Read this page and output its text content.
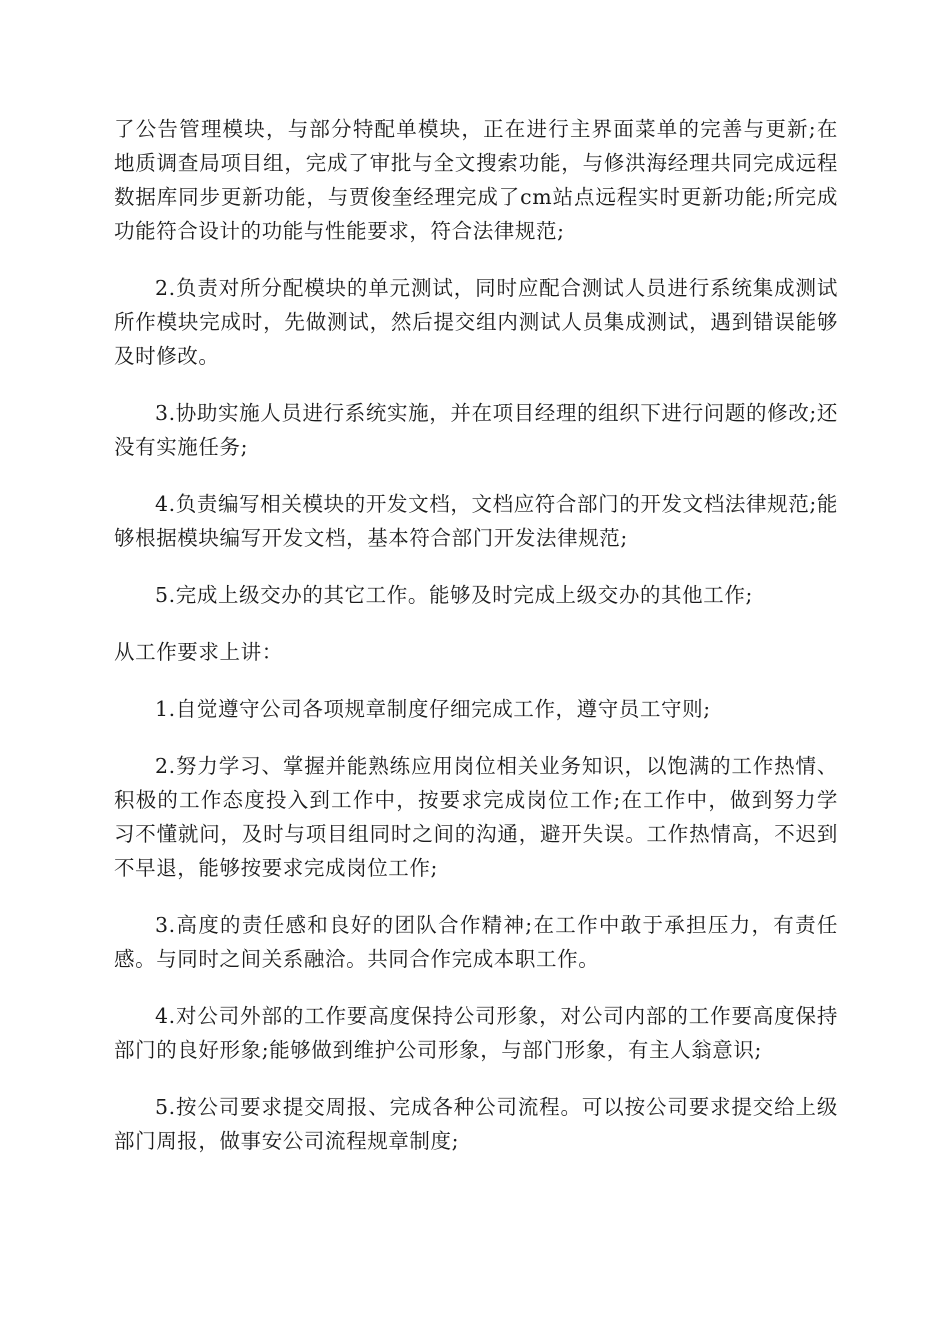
了公告管理模块，与部分特配单模块，正在进行主界面菜单的完善与更新;在地质调查局项目组，完成了审批与全文搜索功能，与修洪海经理共同完成远程数据库同步更新功能，与贾俊奎经理完成了cm站点远程实时更新功能;所完成功能符合设计的功能与性能要求，符合法律规范;

2.负责对所分配模块的单元测试，同时应配合测试人员进行系统集成测试所作模块完成时，先做测试，然后提交组内测试人员集成测试，遇到错误能够及时修改。

3.协助实施人员进行系统实施，并在项目经理的组织下进行问题的修改;还没有实施任务;

4.负责编写相关模块的开发文档，文档应符合部门的开发文档法律规范;能够根据模块编写开发文档，基本符合部门开发法律规范;

5.完成上级交办的其它工作。能够及时完成上级交办的其他工作;

从工作要求上讲：

1.自觉遵守公司各项规章制度仔细完成工作，遵守员工守则;

2.努力学习、掌握并能熟练应用岗位相关业务知识，以饱满的工作热情、积极的工作态度投入到工作中，按要求完成岗位工作;在工作中，做到努力学习不懂就问，及时与项目组同时之间的沟通，避开失误。工作热情高，不迟到不早退，能够按要求完成岗位工作;

3.高度的责任感和良好的团队合作精神;在工作中敢于承担压力，有责任感。与同时之间关系融洽。共同合作完成本职工作。

4.对公司外部的工作要高度保持公司形象，对公司内部的工作要高度保持部门的良好形象;能够做到维护公司形象，与部门形象，有主人翁意识;

5.按公司要求提交周报、完成各种公司流程。可以按公司要求提交给上级部门周报，做事安公司流程规章制度;
